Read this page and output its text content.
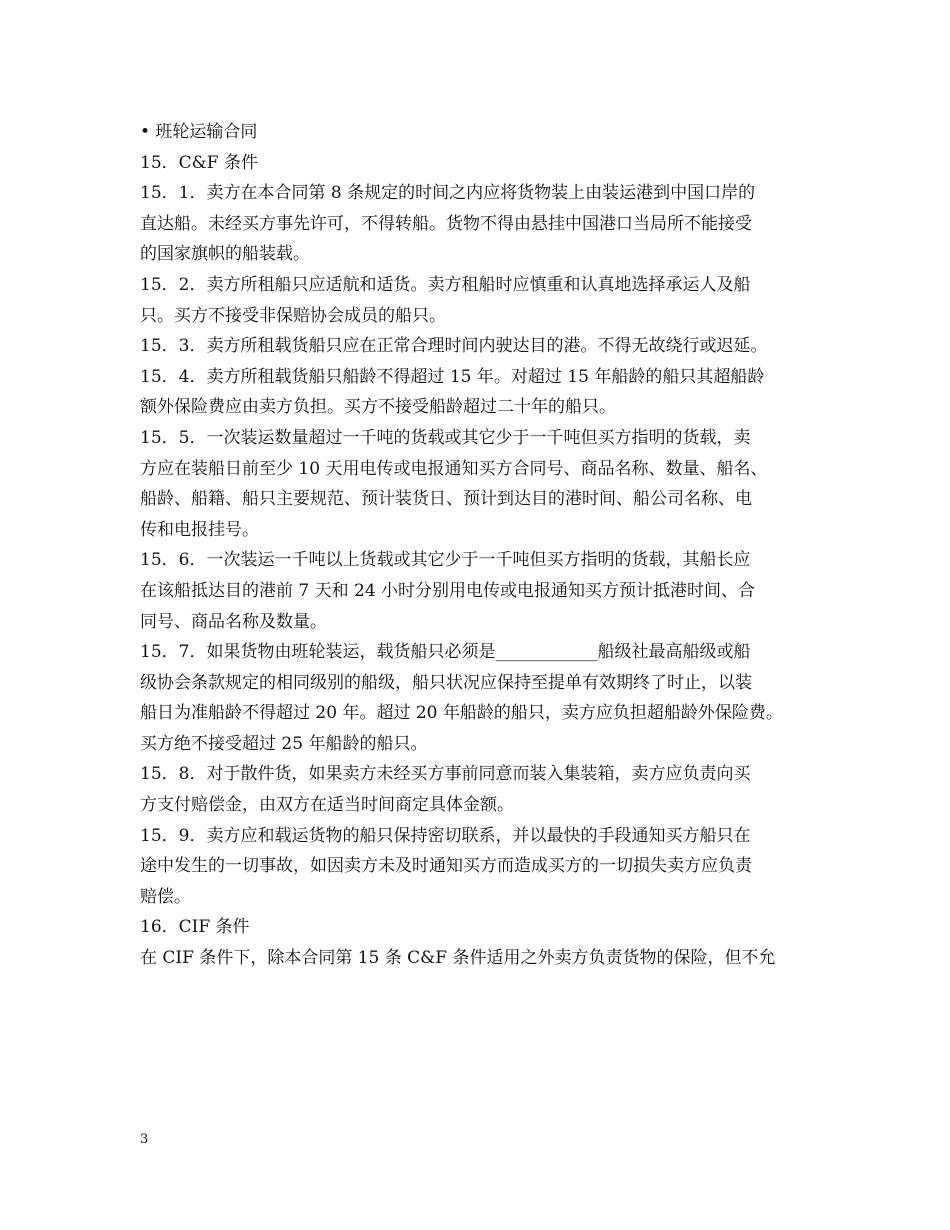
• 班轮运输合同
15．C&F 条件
15．1．卖方在本合同第 8 条规定的时间之内应将货物装上由装运港到中国口岸的
直达船。未经买方事先许可，不得转船。货物不得由悬挂中国港口当局所不能接受
的国家旗帜的船装载。
15．2．卖方所租船只应适航和适货。卖方租船时应慎重和认真地选择承运人及船
只。买方不接受非保赔协会成员的船只。
15．3．卖方所租载货船只应在正常合理时间内驶达目的港。不得无故绕行或迟延。
15．4．卖方所租载货船只船龄不得超过 15 年。对超过 15 年船龄的船只其超船龄
额外保险费应由卖方负担。买方不接受船龄超过二十年的船只。
15．5．一次装运数量超过一千吨的货载或其它少于一千吨但买方指明的货载，卖
方应在装船日前至少 10 天用电传或电报通知买方合同号、商品名称、数量、船名、
船龄、船籍、船只主要规范、预计装货日、预计到达目的港时间、船公司名称、电
传和电报挂号。
15．6．一次装运一千吨以上货载或其它少于一千吨但买方指明的货载，其船长应
在该船抵达目的港前 7 天和 24 小时分别用电传或电报通知买方预计抵港时间、合
同号、商品名称及数量。
15．7．如果货物由班轮装运，载货船只必须是____________船级社最高船级或船
级协会条款规定的相同级别的船级，船只状况应保持至提单有效期终了时止，以装
船日为准船龄不得超过 20 年。超过 20 年船龄的船只，卖方应负担超船龄外保险费。
买方绝不接受超过 25 年船龄的船只。
15．8．对于散件货，如果卖方未经买方事前同意而装入集装箱，卖方应负责向买
方支付赔偿金，由双方在适当时间商定具体金额。
15．9．卖方应和载运货物的船只保持密切联系，并以最快的手段通知买方船只在
途中发生的一切事故，如因卖方未及时通知买方而造成买方的一切损失卖方应负责
赔偿。
16．CIF 条件
在 CIF 条件下，除本合同第 15 条 C&F 条件适用之外卖方负责货物的保险，但不允
3
